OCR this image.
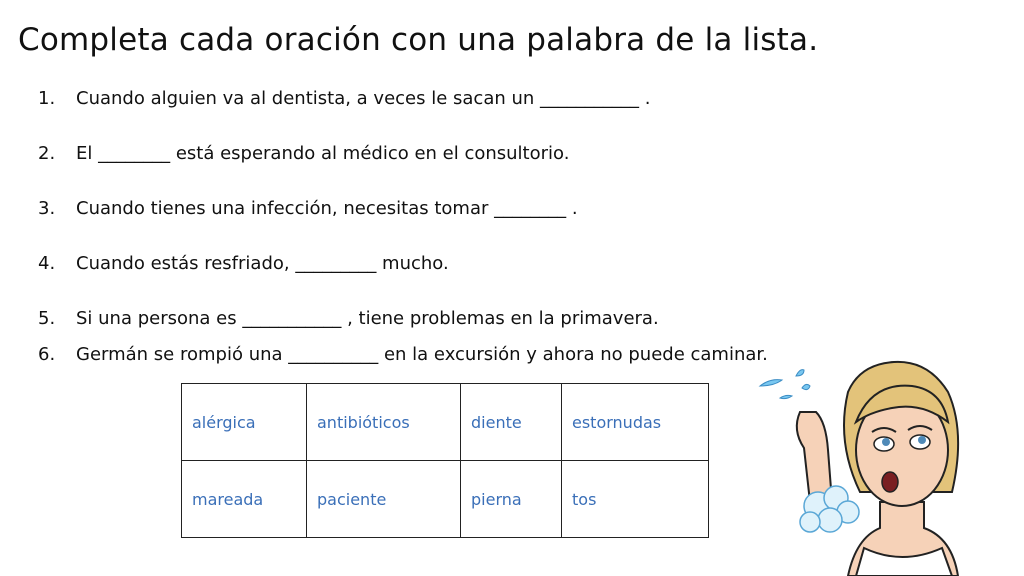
Completa cada oración con una palabra de la lista.
1. Cuando alguien va al dentista, a veces le sacan un ___________ .
2. El ________ está esperando al médico en el consultorio.
3. Cuando tienes una infección, necesitas tomar ________ .
4. Cuando estás resfriado, _________ mucho.
5. Si una persona es ___________ , tiene problemas en la primavera.
6. Germán se rompió una __________ en la excursión y ahora no puede caminar.
alérgica	antibióticos	diente	estornudas
mareada	paciente	pierna	tos
